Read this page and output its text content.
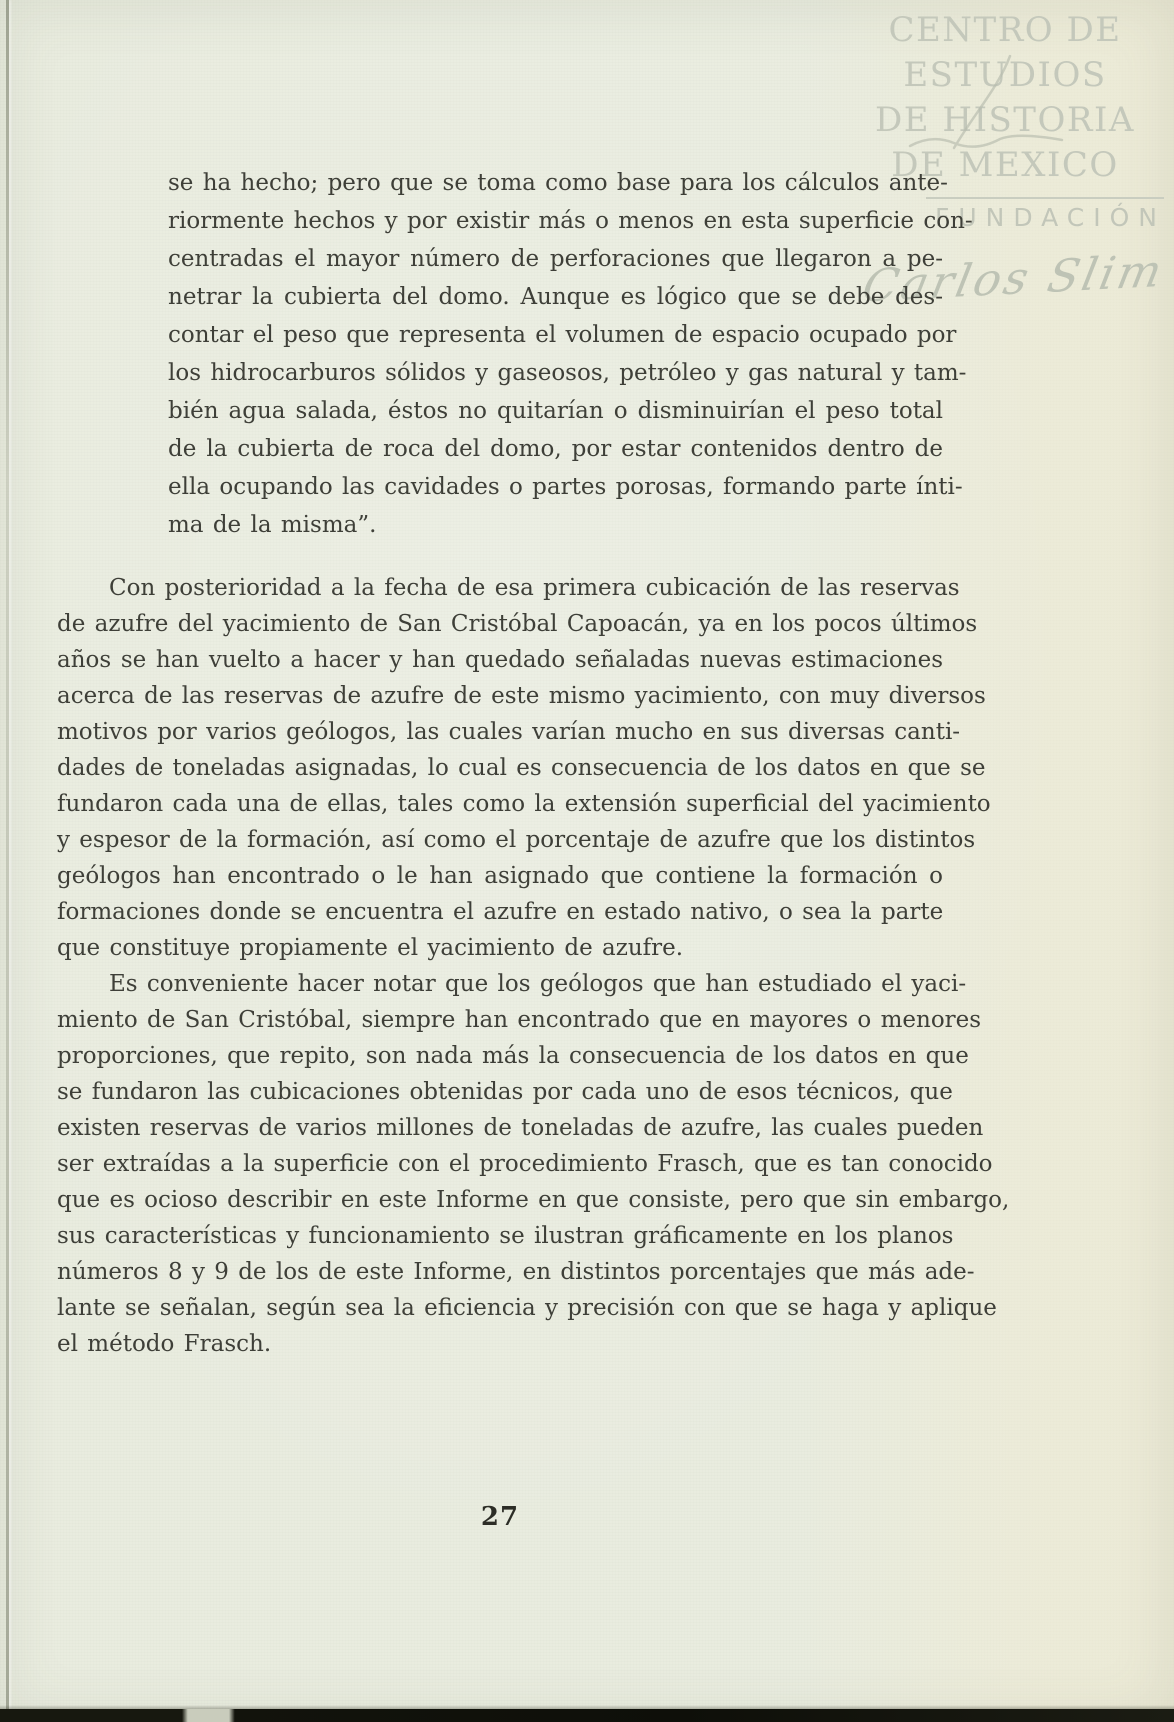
CENTRO DE
ESTUDIOS
DE HISTORIA
DE MEXICO
FUNDACIÓN
Carlos Slim
se ha hecho; pero que se toma como base para los cálculos ante-
riormente hechos y por existir más o menos en esta superficie con-
centradas el mayor número de perforaciones que llegaron a pe-
netrar la cubierta del domo. Aunque es lógico que se debe des-
contar el peso que representa el volumen de espacio ocupado por
los hidrocarburos sólidos y gaseosos, petróleo y gas natural y tam-
bién agua salada, éstos no quitarían o disminuirían el peso total
de la cubierta de roca del domo, por estar contenidos dentro de
ella ocupando las cavidades o partes porosas, formando parte ínti-
ma de la misma”.
Con posterioridad a la fecha de esa primera cubicación de las reservas
de azufre del yacimiento de San Cristóbal Capoacán, ya en los pocos últimos
años se han vuelto a hacer y han quedado señaladas nuevas estimaciones
acerca de las reservas de azufre de este mismo yacimiento, con muy diversos
motivos por varios geólogos, las cuales varían mucho en sus diversas canti-
dades de toneladas asignadas, lo cual es consecuencia de los datos en que se
fundaron cada una de ellas, tales como la extensión superficial del yacimiento
y espesor de la formación, así como el porcentaje de azufre que los distintos
geólogos han encontrado o le han asignado que contiene la formación o
formaciones donde se encuentra el azufre en estado nativo, o sea la parte
que constituye propiamente el yacimiento de azufre.
Es conveniente hacer notar que los geólogos que han estudiado el yaci-
miento de San Cristóbal, siempre han encontrado que en mayores o menores
proporciones, que repito, son nada más la consecuencia de los datos en que
se fundaron las cubicaciones obtenidas por cada uno de esos técnicos, que
existen reservas de varios millones de toneladas de azufre, las cuales pueden
ser extraídas a la superficie con el procedimiento Frasch, que es tan conocido
que es ocioso describir en este Informe en que consiste, pero que sin embargo,
sus características y funcionamiento se ilustran gráficamente en los planos
números 8 y 9 de los de este Informe, en distintos porcentajes que más ade-
lante se señalan, según sea la eficiencia y precisión con que se haga y aplique
el método Frasch.
27
